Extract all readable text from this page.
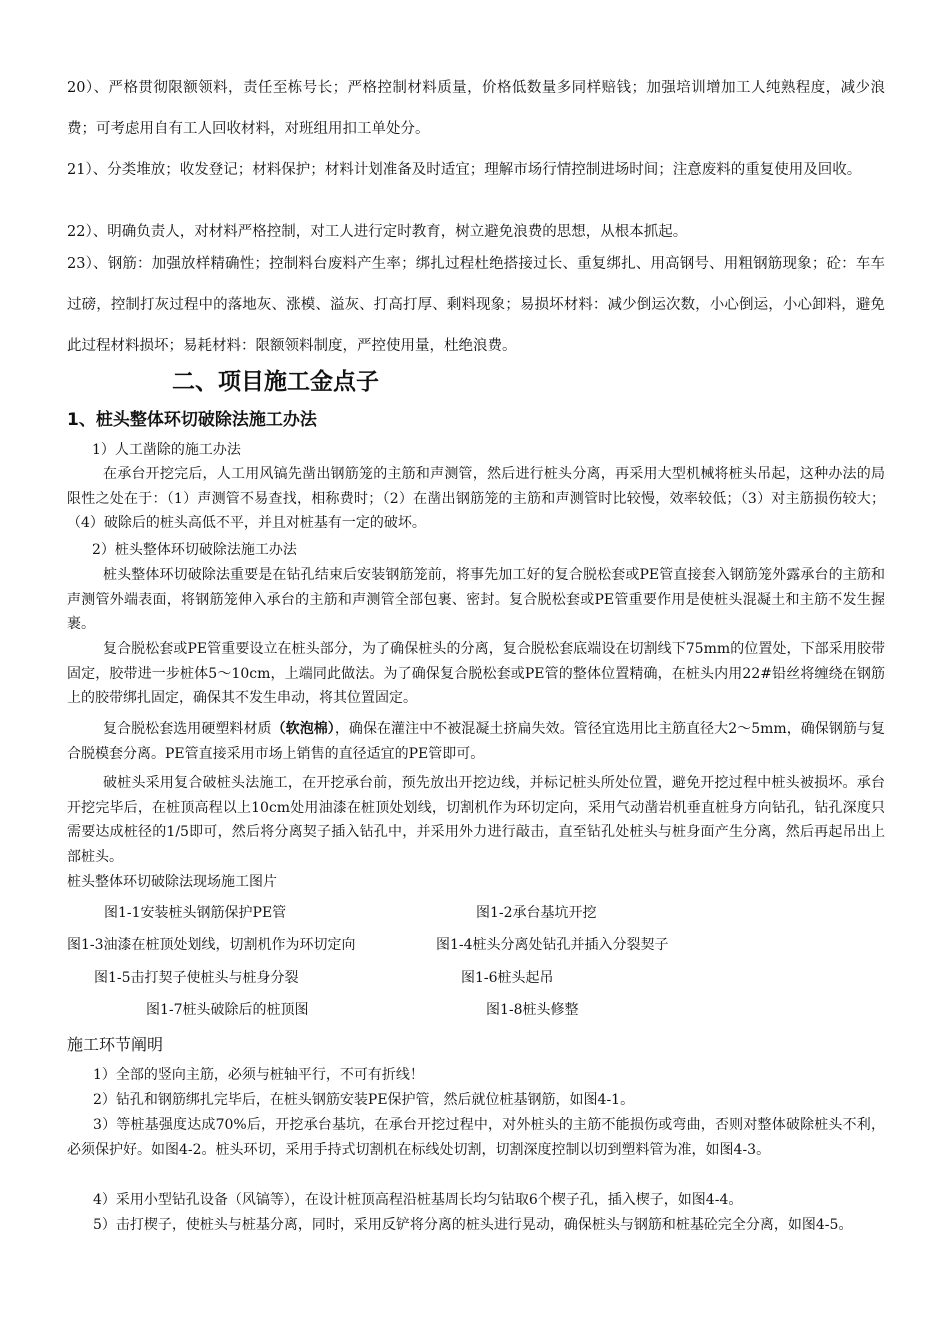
20）、严格贯彻限额领料，责任至栋号长；严格控制材料质量，价格低数量多同样赔钱；加强培训增加工人纯熟程度，减少浪费；可考虑用自有工人回收材料，对班组用扣工单处分。

21）、分类堆放；收发登记；材料保护；材料计划准备及时适宜；理解市场行情控制进场时间；注意废料的重复使用及回收。

22）、明确负责人，对材料严格控制，对工人进行定时教育，树立避免浪费的思想，从根本抓起。

23）、钢筋：加强放样精确性；控制料台废料产生率；绑扎过程杜绝搭接过长、重复绑扎、用高钢号、用粗钢筋现象；砼：车车过磅，控制打灰过程中的落地灰、涨模、溢灰、打高打厚、剩料现象；易损坏材料：减少倒运次数，小心倒运，小心卸料，避免此过程材料损坏；易耗材料：限额领料制度，严控使用量，杜绝浪费。

二、项目施工金点子
1、桩头整体环切破除法施工办法

1）人工凿除的施工办法

在承台开挖完后，人工用风镐先凿出钢筋笼的主筋和声测管，然后进行桩头分离，再采用大型机械将桩头吊起，这种办法的局限性之处在于：（1）声测管不易查找，相称费时；（2）在凿出钢筋笼的主筋和声测管时比较慢，效率较低；（3）对主筋损伤较大；（4）破除后的桩头高低不平，并且对桩基有一定的破坏。

2）桩头整体环切破除法施工办法

桩头整体环切破除法重要是在钻孔结束后安装钢筋笼前，将事先加工好的复合脱松套或PE管直接套入钢筋笼外露承台的主筋和声测管外端表面，将钢筋笼伸入承台的主筋和声测管全部包裹、密封。复合脱松套或PE管重要作用是使桩头混凝土和主筋不发生握裹。

复合脱松套或PE管重要设立在桩头部分，为了确保桩头的分离，复合脱松套底端设在切割线下75mm的位置处，下部采用胶带固定，胶带进一步桩体5～10cm，上端同此做法。为了确保复合脱松套或PE管的整体位置精确，在桩头内用22#铅丝将缠绕在钢筋上的胶带绑扎固定，确保其不发生串动，将其位置固定。

复合脱松套选用硬塑料材质（软泡棉），确保在灌注中不被混凝土挤扁失效。管径宜选用比主筋直径大2～5mm，确保钢筋与复合脱模套分离。PE管直接采用市场上销售的直径适宜的PE管即可。

破桩头采用复合破桩头法施工，在开挖承台前，预先放出开挖边线，并标记桩头所处位置，避免开挖过程中桩头被损坏。承台开挖完毕后，在桩顶高程以上10cm处用油漆在桩顶处划线，切割机作为环切定向，采用气动凿岩机垂直桩身方向钻孔，钻孔深度只需要达成桩径的1/5即可，然后将分离契子插入钻孔中，并采用外力进行敲击，直至钻孔处桩头与桩身面产生分离，然后再起吊出上部桩头。

桩头整体环切破除法现场施工图片

图1-1安装桩头钢筋保护PE管	图1-2承台基坑开挖

图1-3油漆在桩顶处划线，切割机作为环切定向	图1-4桩头分离处钻孔并插入分裂契子

图1-5击打契子使桩头与桩身分裂	图1-6桩头起吊

图1-7桩头破除后的桩顶图	图1-8桩头修整

施工环节阐明

1）全部的竖向主筋，必须与桩轴平行，不可有折线！

2）钻孔和钢筋绑扎完毕后，在桩头钢筋安装PE保护管，然后就位桩基钢筋，如图4-1。

3）等桩基强度达成70%后，开挖承台基坑，在承台开挖过程中，对外桩头的主筋不能损伤或弯曲，否则对整体破除桩头不利，必须保护好。如图4-2。桩头环切，采用手持式切割机在标线处切割，切割深度控制以切到塑料管为准，如图4-3。

4）采用小型钻孔设备（风镐等），在设计桩顶高程沿桩基周长均匀钻取6个楔子孔，插入楔子，如图4-4。

5）击打楔子，使桩头与桩基分离，同时，采用反铲将分离的桩头进行晃动，确保桩头与钢筋和桩基砼完全分离，如图4-5。
